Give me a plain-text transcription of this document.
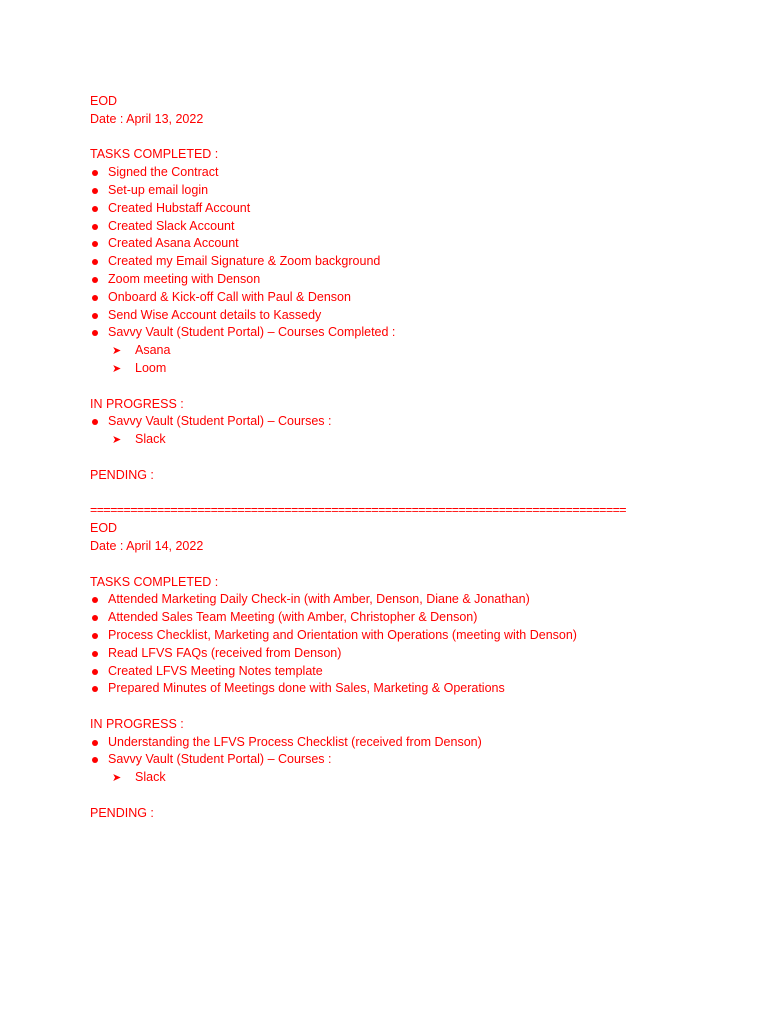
EOD
Date : April 13, 2022
TASKS COMPLETED :
Signed the Contract
Set-up email login
Created Hubstaff Account
Created Slack Account
Created Asana Account
Created my Email Signature & Zoom background
Zoom meeting with Denson
Onboard & Kick-off Call with Paul & Denson
Send Wise Account details to Kassedy
Savvy Vault (Student Portal) – Courses Completed :
➤ Asana
➤ Loom
IN PROGRESS :
Savvy Vault (Student Portal) – Courses :
➤ Slack
PENDING :
================================================================================
EOD
Date : April 14, 2022
TASKS COMPLETED :
Attended Marketing Daily Check-in (with Amber, Denson, Diane & Jonathan)
Attended Sales Team Meeting (with Amber, Christopher & Denson)
Process Checklist, Marketing and Orientation with Operations (meeting with Denson)
Read LFVS FAQs (received from Denson)
Created LFVS Meeting Notes template
Prepared Minutes of Meetings done with Sales, Marketing & Operations
IN PROGRESS :
Understanding the LFVS Process Checklist (received from Denson)
Savvy Vault (Student Portal) – Courses :
➤ Slack
PENDING :
